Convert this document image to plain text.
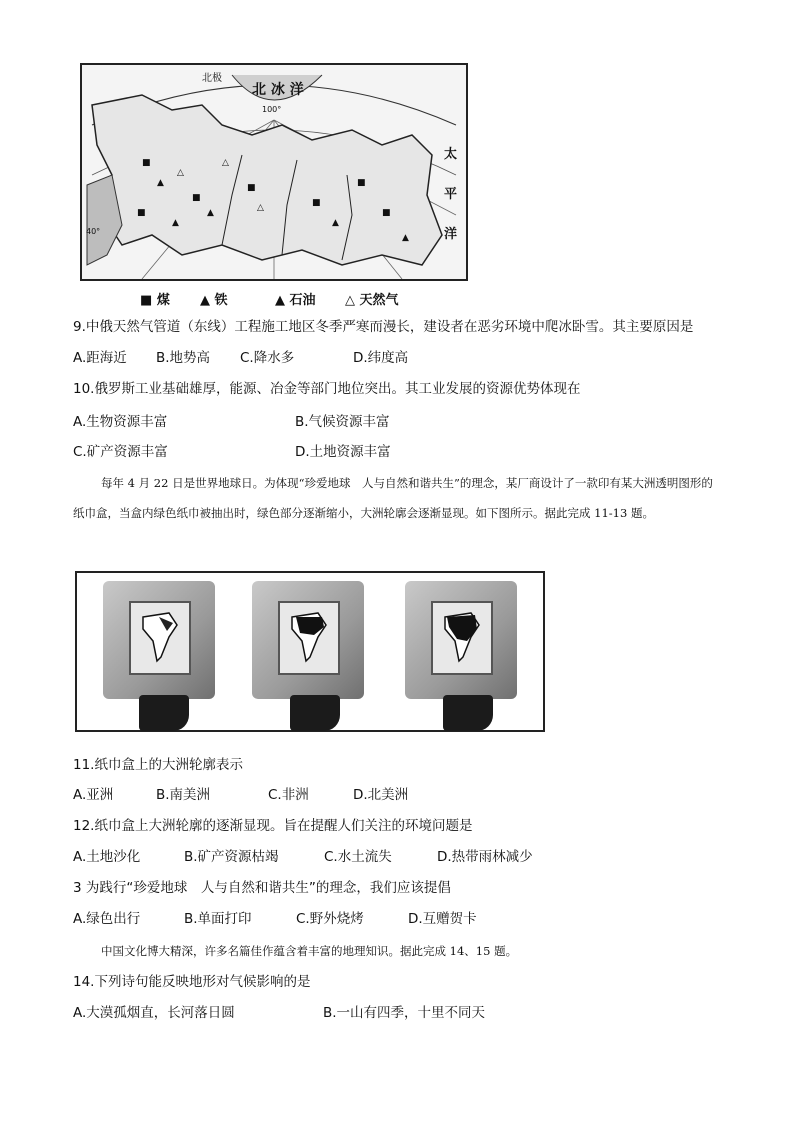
■
▲
△
■
▲
■
△	■
▲
■
■
▲
■
▲
△
北 冰 洋
北极
100°
40°
太 平 洋
■ 煤 ▲ 铁	▲ 石油 △ 天然气
9.中俄天然气管道（东线）工程施工地区冬季严寒而漫长，建设者在恶劣环境中爬冰卧雪。其主要原因是
A.距海近 B.地势高 C.降水多	D.纬度高
10.俄罗斯工业基础雄厚，能源、冶金等部门地位突出。其工业发展的资源优势体现在
A.生物资源丰富	B.气候资源丰富
C.矿产资源丰富	D.土地资源丰富
每年 4 月 22 日是世界地球日。为体现“珍爱地球　人与自然和谐共生”的理念，某厂商设计了一款印有某大洲透明图形的纸巾盒，当盒内绿色纸巾被抽出时，绿色部分逐渐缩小，大洲轮廓会逐渐显现。如下图所示。据此完成 11-13 题。
11.纸巾盒上的大洲轮廓表示
A.亚洲	B.南美洲	C.非洲	D.北美洲
12.纸巾盒上大洲轮廓的逐渐显现。旨在提醒人们关注的环境问题是
A.土地沙化	B.矿产资源枯竭	C.水土流失	D.热带雨林减少
3 为践行“珍爱地球　人与自然和谐共生”的理念，我们应该提倡
A.绿色出行	B.单面打印	C.野外烧烤	D.互赠贺卡
中国文化博大精深，许多名篇佳作蕴含着丰富的地理知识。据此完成 14、15 题。
14.下列诗句能反映地形对气候影响的是
A.大漠孤烟直，长河落日圆	B.一山有四季，十里不同天
